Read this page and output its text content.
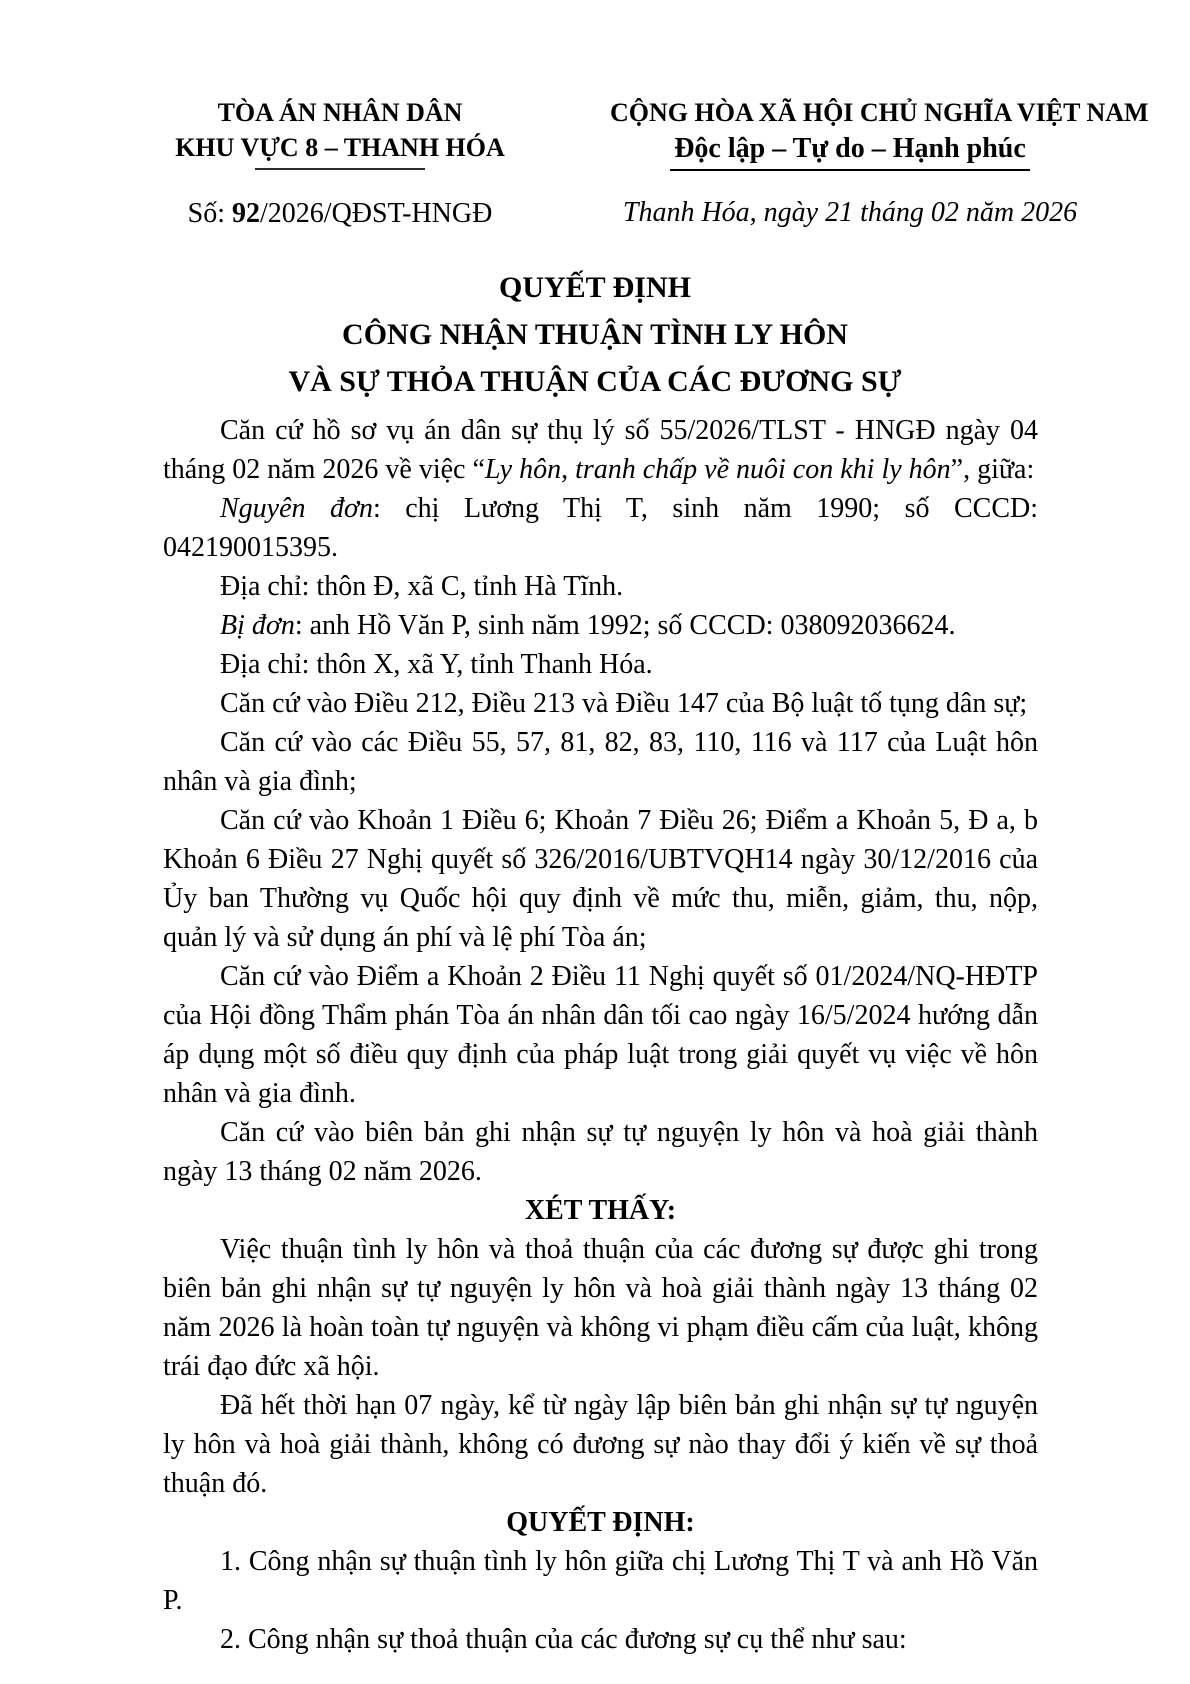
TÒA ÁN NHÂN DÂN
KHU VỰC 8 – THANH HÓA
Số: 92/2026/QĐST-HNGĐ
CỘNG HÒA XÃ HỘI CHỦ NGHĨA VIỆT NAM
Độc lập – Tự do – Hạnh phúc
Thanh Hóa, ngày 21 tháng 02 năm 2026
QUYẾT ĐỊNH
CÔNG NHẬN THUẬN TÌNH LY HÔN
VÀ SỰ THỎA THUẬN CỦA CÁC ĐƯƠNG SỰ

Căn cứ hồ sơ vụ án dân sự thụ lý số 55/2026/TLST - HNGĐ ngày 04 tháng 02 năm 2026 về việc “Ly hôn, tranh chấp về nuôi con khi ly hôn”, giữa:

Nguyên đơn: chị Lương Thị T, sinh năm 1990; số CCCD: 042190015395.

Địa chỉ: thôn Đ, xã C, tỉnh Hà Tĩnh.

Bị đơn: anh Hồ Văn P, sinh năm 1992; số CCCD: 038092036624.

Địa chỉ: thôn X, xã Y, tỉnh Thanh Hóa.

Căn cứ vào Điều 212, Điều 213 và Điều 147 của Bộ luật tố tụng dân sự;

Căn cứ vào các Điều 55, 57, 81, 82, 83, 110, 116 và 117 của Luật hôn nhân và gia đình;

Căn cứ vào Khoản 1 Điều 6; Khoản 7 Điều 26; Điểm a Khoản 5, Đ a, b Khoản 6 Điều 27 Nghị quyết số 326/2016/UBTVQH14 ngày 30/12/2016 của Ủy ban Thường vụ Quốc hội quy định về mức thu, miễn, giảm, thu, nộp, quản lý và sử dụng án phí và lệ phí Tòa án;

Căn cứ vào Điểm a Khoản 2 Điều 11 Nghị quyết số 01/2024/NQ-HĐTP của Hội đồng Thẩm phán Tòa án nhân dân tối cao ngày 16/5/2024 hướng dẫn áp dụng một số điều quy định của pháp luật trong giải quyết vụ việc về hôn nhân và gia đình.

Căn cứ vào biên bản ghi nhận sự tự nguyện ly hôn và hoà giải thành ngày 13 tháng 02 năm 2026.

XÉT THẤY:

Việc thuận tình ly hôn và thoả thuận của các đương sự được ghi trong biên bản ghi nhận sự tự nguyện ly hôn và hoà giải thành ngày 13 tháng 02 năm 2026 là hoàn toàn tự nguyện và không vi phạm điều cấm của luật, không trái đạo đức xã hội.

Đã hết thời hạn 07 ngày, kể từ ngày lập biên bản ghi nhận sự tự nguyện ly hôn và hoà giải thành, không có đương sự nào thay đổi ý kiến về sự thoả thuận đó.

QUYẾT ĐỊNH:

1. Công nhận sự thuận tình ly hôn giữa chị Lương Thị T và anh Hồ Văn P.

2. Công nhận sự thoả thuận của các đương sự cụ thể như sau:
